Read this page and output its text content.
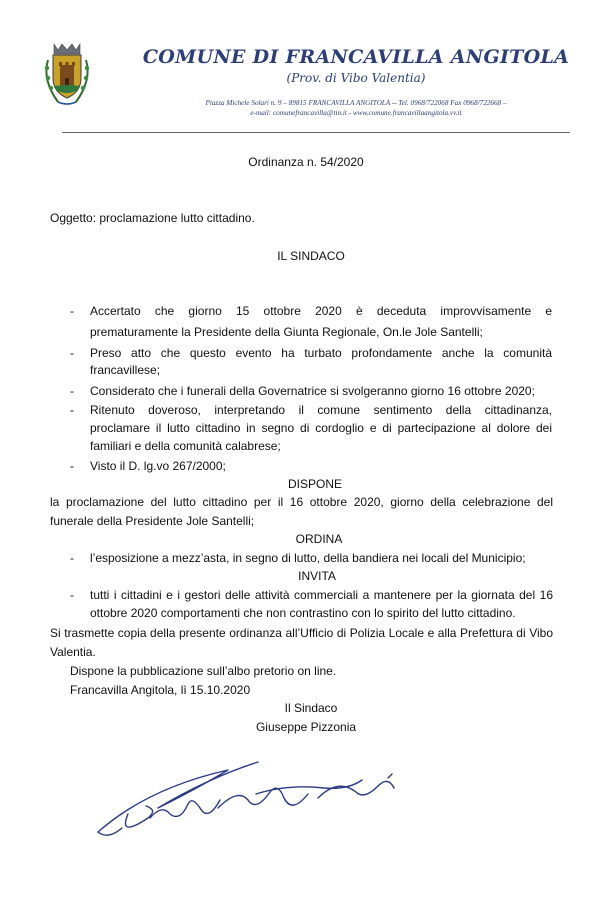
COMUNE DI FRANCAVILLA ANGITOLA
(Prov. di Vibo Valentia)
Piazza Michele Solari n. 9 – 89815 FRANCAVILLA ANGITOLA -- Tel. 0968/722068 Fax 0968/722668 –
e-mail: comunefrancavilla@tin.it - www.comune.francavillaangitola.vv.it
Ordinanza n. 54/2020
Oggetto: proclamazione lutto cittadino.
IL SINDACO
- Accertato che giorno 15 ottobre 2020 è deceduta improvvisamente e
prematuramente la Presidente della Giunta Regionale, On.le Jole Santelli;
- Preso atto che questo evento ha turbato profondamente anche la comunità
francavillese;
- Considerato che i funerali della Governatrice si svolgeranno giorno 16 ottobre 2020;
- Ritenuto doveroso, interpretando il comune sentimento della cittadinanza,
proclamare il lutto cittadino in segno di cordoglio e di partecipazione al dolore dei
familiari e della comunità calabrese;
- Visto il D. lg.vo 267/2000;
DISPONE
la proclamazione del lutto cittadino per il 16 ottobre 2020, giorno della celebrazione del
funerale della Presidente Jole Santelli;
ORDINA
- l’esposizione a mezz’asta, in segno di lutto, della bandiera nei locali del Municipio;
INVITA
- tutti i cittadini e i gestori delle attività commerciali a mantenere per la giornata del 16
ottobre 2020 comportamenti che non contrastino con lo spirito del lutto cittadino.
Si trasmette copia della presente ordinanza all’Ufficio di Polizia Locale e alla Prefettura di Vibo
Valentia.
Dispone la pubblicazione sull’albo pretorio on line.
Francavilla Angitola, lì 15.10.2020
Il Sindaco
Giuseppe Pizzonia
